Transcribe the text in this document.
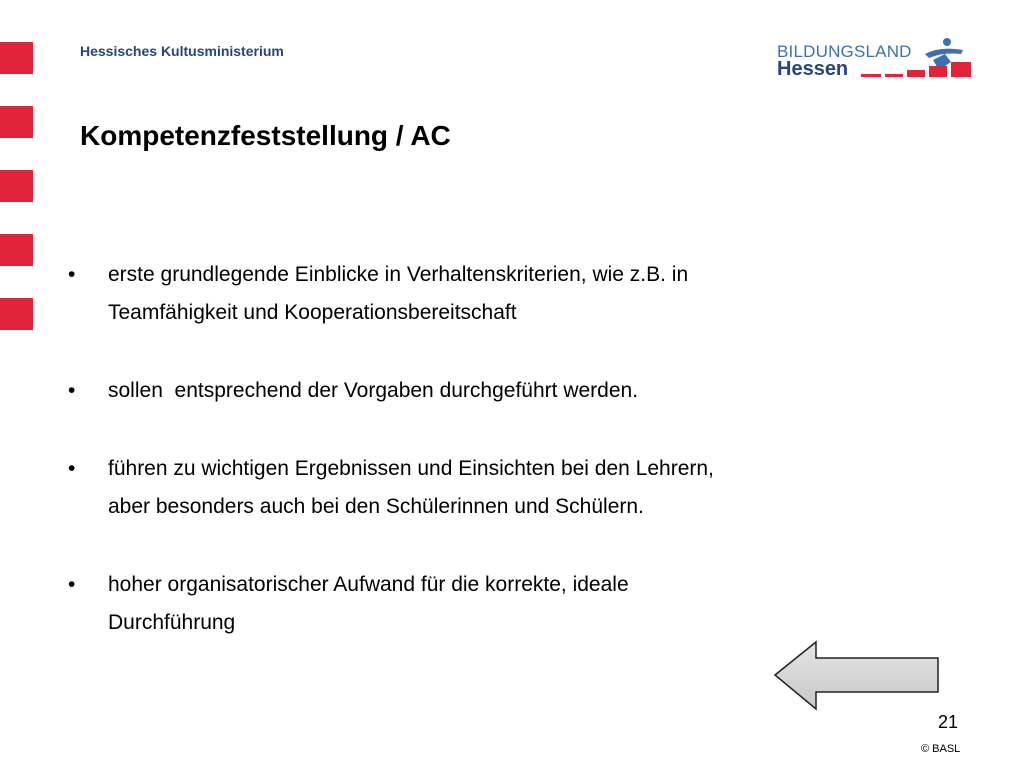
Hessisches Kultusministerium	BILDUNGSLAND
Hessen
Kompetenzfeststellung / AC
• erste grundlegende Einblicke in Verhaltenskriterien, wie z.B. in
Teamfähigkeit und Kooperationsbereitschaft
• sollen  entsprechend der Vorgaben durchgeführt werden.
• führen zu wichtigen Ergebnissen und Einsichten bei den Lehrern,
aber besonders auch bei den Schülerinnen und Schülern.
• hoher organisatorischer Aufwand für die korrekte, ideale
Durchführung
21
© BASL
